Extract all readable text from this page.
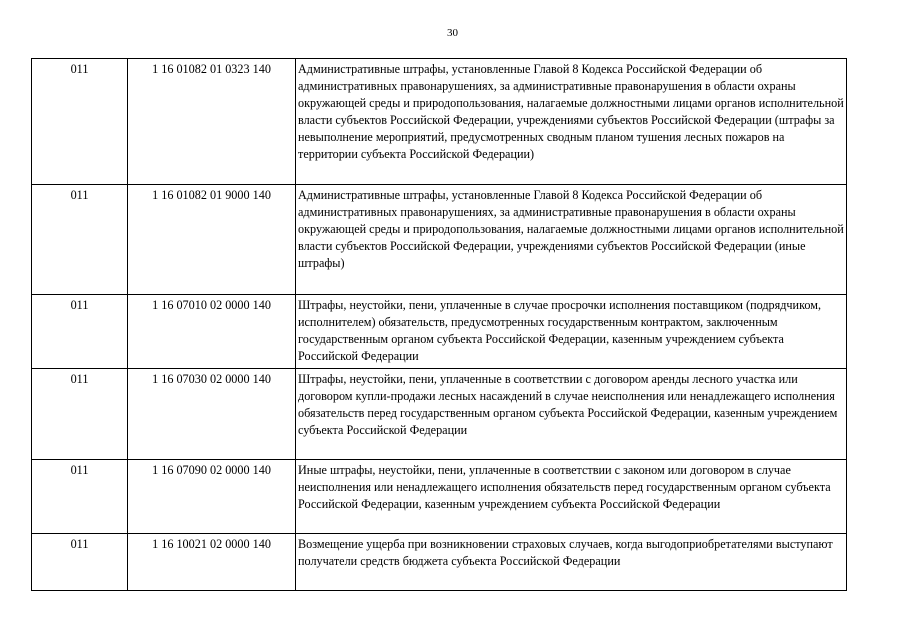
30
011	1 16 01082 01 0323 140	Административные штрафы, установленные Главой 8 Кодекса Российской Федерации об административных правонарушениях, за административные правонарушения в области охраны окружающей среды и природопользования, налагаемые должностными лицами органов исполнительной власти субъектов Российской Федерации, учреждениями субъектов Российской Федерации (штрафы за невыполнение мероприятий, предусмотренных сводным планом тушения лесных пожаров на территории субъекта Российской Федерации)
011	1 16 01082 01 9000 140	Административные штрафы, установленные Главой 8 Кодекса Российской Федерации об административных правонарушениях, за административные правонарушения в области охраны окружающей среды и природопользования, налагаемые должностными лицами органов исполнительной власти субъектов Российской Федерации, учреждениями субъектов Российской Федерации (иные штрафы)
011	1 16 07010 02 0000 140	Штрафы, неустойки, пени, уплаченные в случае просрочки исполнения поставщиком (подрядчиком, исполнителем) обязательств, предусмотренных государственным контрактом, заключенным государственным органом субъекта Российской Федерации, казенным учреждением субъекта Российской Федерации
011	1 16 07030 02 0000 140	Штрафы, неустойки, пени, уплаченные в соответствии с договором аренды лесного участка или договором купли-продажи лесных насаждений в случае неисполнения или ненадлежащего исполнения обязательств перед государственным органом субъекта Российской Федерации, казенным учреждением субъекта Российской Федерации
011	1 16 07090 02 0000 140	Иные штрафы, неустойки, пени, уплаченные в соответствии с законом или договором в случае неисполнения или ненадлежащего исполнения обязательств перед государственным органом субъекта Российской Федерации, казенным учреждением субъекта Российской Федерации
011	1 16 10021 02 0000 140	Возмещение ущерба при возникновении страховых случаев, когда выгодоприобретателями выступают получатели средств бюджета субъекта Российской Федерации
